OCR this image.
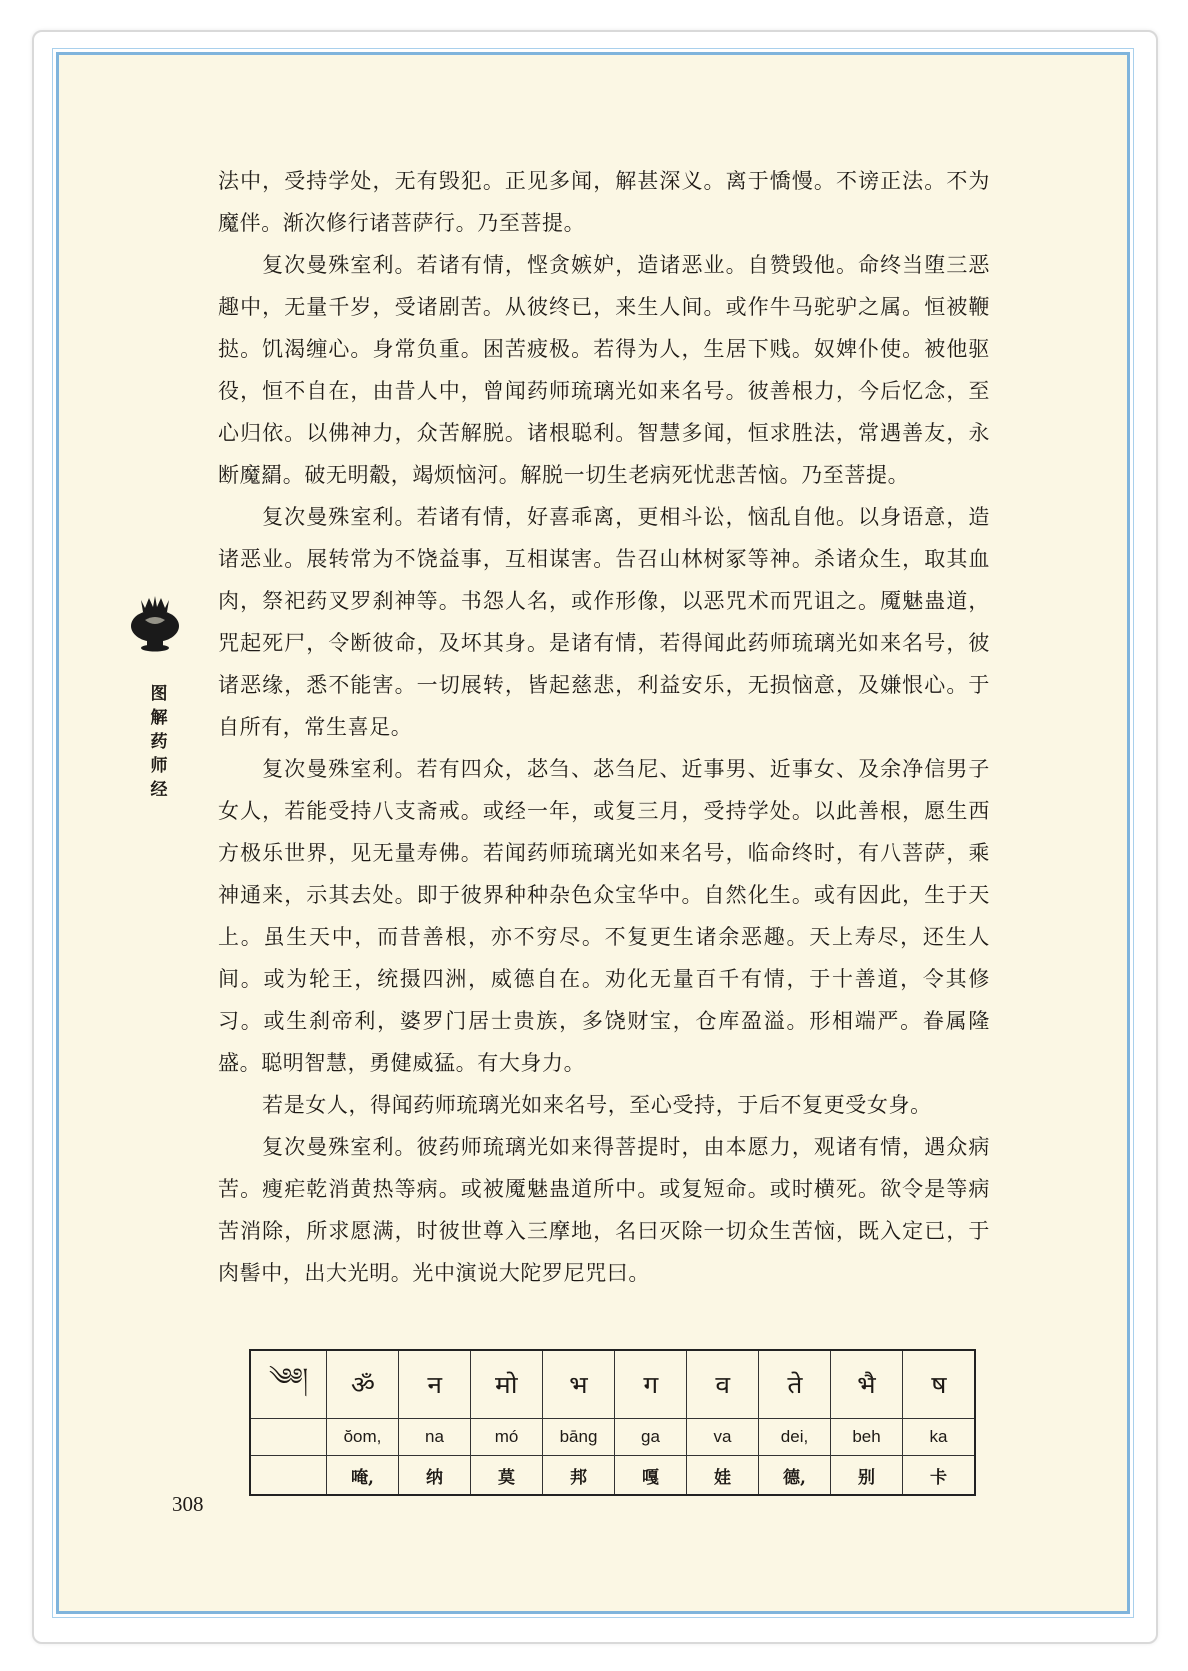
图
解
药
师
经

法中，受持学处，无有毁犯。正见多闻，解甚深义。离于憍慢。不谤正法。不为魔伴。渐次修行诸菩萨行。乃至菩提。

复次曼殊室利。若诸有情，悭贪嫉妒，造诸恶业。自赞毁他。命终当堕三恶趣中，无量千岁，受诸剧苦。从彼终已，来生人间。或作牛马驼驴之属。恒被鞭挞。饥渴缠心。身常负重。困苦疲极。若得为人，生居下贱。奴婢仆使。被他驱役，恒不自在，由昔人中，曾闻药师琉璃光如来名号。彼善根力，今后忆念，至心归依。以佛神力，众苦解脱。诸根聪利。智慧多闻，恒求胜法，常遇善友，永断魔羂。破无明觳，竭烦恼河。解脱一切生老病死忧悲苦恼。乃至菩提。

复次曼殊室利。若诸有情，好喜乖离，更相斗讼，恼乱自他。以身语意，造诸恶业。展转常为不饶益事，互相谋害。告召山林树冢等神。杀诸众生，取其血肉，祭祀药叉罗刹神等。书怨人名，或作形像，以恶咒术而咒诅之。魇魅蛊道，咒起死尸，令断彼命，及坏其身。是诸有情，若得闻此药师琉璃光如来名号，彼诸恶缘，悉不能害。一切展转，皆起慈悲，利益安乐，无损恼意，及嫌恨心。于自所有，常生喜足。

复次曼殊室利。若有四众，苾刍、苾刍尼、近事男、近事女、及余净信男子女人，若能受持八支斋戒。或经一年，或复三月，受持学处。以此善根，愿生西方极乐世界，见无量寿佛。若闻药师琉璃光如来名号，临命终时，有八菩萨，乘神通来，示其去处。即于彼界种种杂色众宝华中。自然化生。或有因此，生于天上。虽生天中，而昔善根，亦不穷尽。不复更生诸余恶趣。天上寿尽，还生人间。或为轮王，统摄四洲，威德自在。劝化无量百千有情，于十善道，令其修习。或生刹帝利，婆罗门居士贵族，多饶财宝，仓库盈溢。形相端严。眷属隆盛。聪明智慧，勇健威猛。有大身力。

若是女人，得闻药师琉璃光如来名号，至心受持，于后不复更受女身。

复次曼殊室利。彼药师琉璃光如来得菩提时，由本愿力，观诸有情，遇众病苦。瘦疟乾消黄热等病。或被魇魅蛊道所中。或复短命。或时横死。欲令是等病苦消除，所求愿满，时彼世尊入三摩地，名曰灭除一切众生苦恼，既入定已，于肉髻中，出大光明。光中演说大陀罗尼咒曰。

༄༅།	ॐ	न	मो	भ	ग	व	ते	भै	ष
	ŏom,	na	mó	bāng	ga	va	dei,	beh	ka
	唵,	纳	莫	邦	嘎	娃	德,	别	卡
308
